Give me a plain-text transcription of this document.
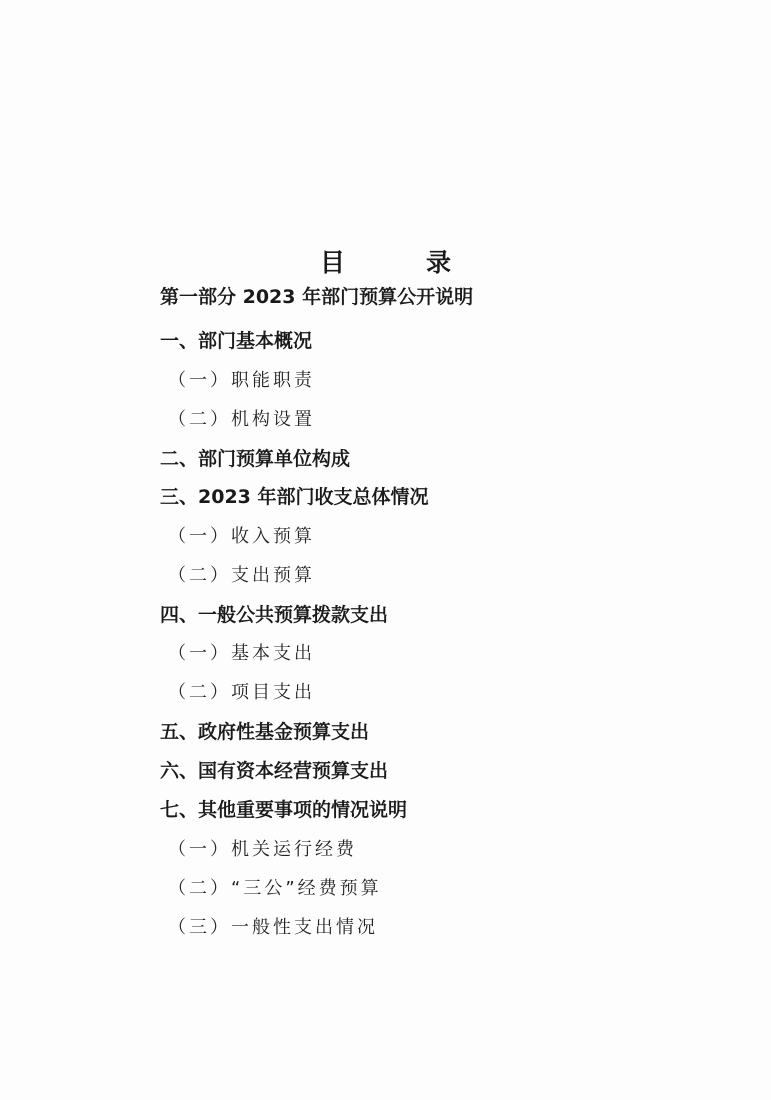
目　录
第一部分 2023 年部门预算公开说明
一、部门基本概况
（一）职能职责
（二）机构设置
二、部门预算单位构成
三、2023 年部门收支总体情况
（一）收入预算
（二）支出预算
四、一般公共预算拨款支出
（一）基本支出
（二）项目支出
五、政府性基金预算支出
六、国有资本经营预算支出
七、其他重要事项的情况说明
（一）机关运行经费
（二）“三公”经费预算
（三）一般性支出情况
